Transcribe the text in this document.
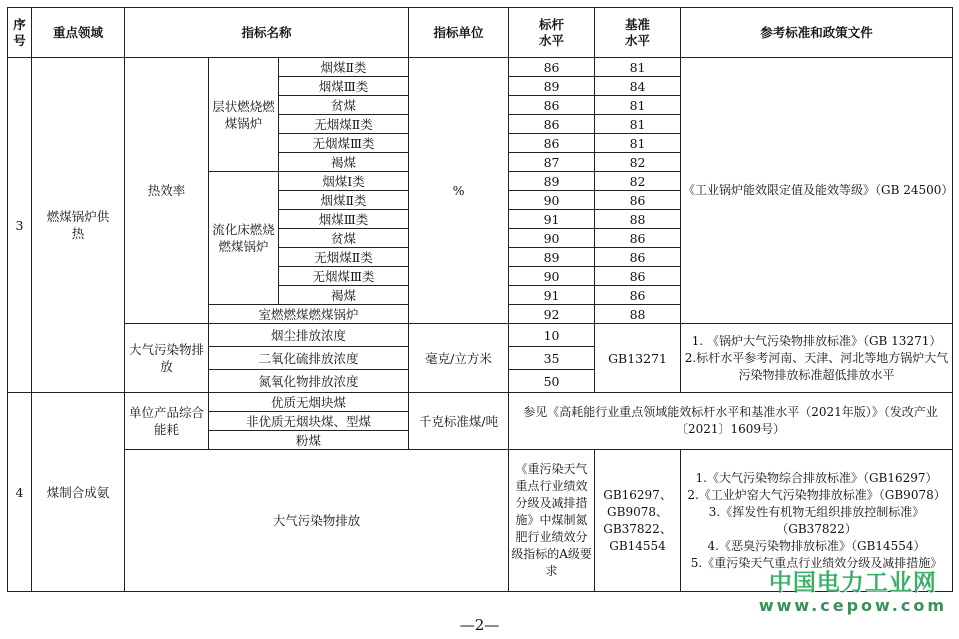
序号	重点领域	指标名称			指标单位	标杆水平	基准水平	参考标准和政策文件
3	燃煤锅炉供热	热效率	层状燃烧燃煤锅炉	烟煤Ⅱ类	%	86	81	《工业锅炉能效限定值及能效等级》（GB 24500）
				烟煤Ⅲ类		89	84	
				贫煤		86	81	
				无烟煤Ⅱ类		86	81	
				无烟煤Ⅲ类		86	81	
				褐煤		87	82	
			流化床燃烧燃煤锅炉	烟煤Ⅰ类		89	82	
				烟煤Ⅱ类		90	86	
				烟煤Ⅲ类		91	88	
				贫煤		90	86	
				无烟煤Ⅱ类		89	86	
				无烟煤Ⅲ类		90	86	
				褐煤		91	86	
			室燃燃煤燃煤锅炉			92	88	
		大气污染物排放	烟尘排放浓度		毫克/立方米	10	GB13271	1. 《锅炉大气污染物排放标准》（GB 13271）
2.标杆水平参考河南、天津、河北等地方锅炉大气污染物排放标准超低排放水平

			二氧化硫排放浓度			35		
			氮氧化物排放浓度			50		

4	煤制合成氨	单位产品综合能耗	优质无烟块煤		千克标准煤/吨	参见《高耗能行业重点领域能效标杆水平和基准水平（2021年版）》（发改产业〔2021〕1609号）		
			非优质无烟块煤、型煤					
			粉煤					
		大气污染物排放				《重污染天气重点行业绩效分级及减排措施》中煤制氮肥行业绩效分级指标的A级要求	GB16297、GB9078、GB37822、GB14554	1.《大气污染物综合排放标准》（GB16297）
2.《工业炉窑大气污染物排放标准》（GB9078）
3.《挥发性有机物无组织排放控制标准》（GB37822）
4.《恶臭污染物排放标准》（GB14554）
5.《重污染天气重点行业绩效分级及减排措施》
—2—
中国电力工业网
www.cepow.com
